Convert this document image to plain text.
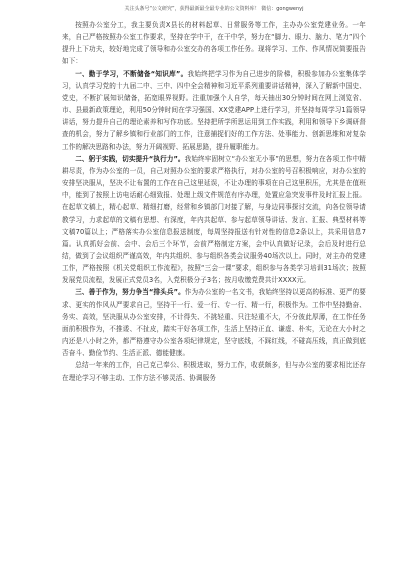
关注头条号“公文研究”，获得最新最全最专业的公文资料库！ 微信：gongwenyj

按照办公室分工，我主要负责X县长的材料起草、日常服务等工作，主办办公室党建业务。一年来，自己严格按照办公室工作要求，坚持在学中干，在干中学，努力在“脚力、眼力、脑力、笔力”四个提升上下功夫，较好地完成了领导和办公室交办的各项工作任务。现将学习、工作、作风情况简要报告如下：

一、勤于学习，不断储备“知识库”。我始终把学习作为自己进步的阶梯，积极参加办公室集体学习，认真学习党的十九届二中、三中、四中全会精神和习近平系列重要讲话精神，深入了解新中国史、党史，不断扩展知识储备，拓宽眼界视野。注重加强个人自学，每天抽出30分钟时间在网上浏览省、市、县最新政策理论，利用50分钟时间在学习强国、XX党建APP上进行学习，并坚持每周学习1篇领导讲话，努力提升自己的理论素养和写作功底。坚持把所学所思运用到工作实践，利用和领导下乡调研督查的机会，努力了解乡镇和行业部门的工作，注意捕捉们好的工作方法、处事能力、创新思维和对复杂工作的解决思路和办法，努力开阔视野、拓展思路，提升履职能力。

二、躬于实践，切实提升“执行力”。我始终牢固树立“办公室无小事”的思想，努力在各项工作中精耕尽责，作为办公室的一员，自己对照办公室的要求严格执行，对办公室的号召积极响应，对办公室的安排坚决服从，坚决不让布置的工作在自己这里延误，不让办理的事项在自己这里积压，尤其是在值班中，能到了按照上访电话耐心细致报、处理上级文件规范有序办理，处置应急突发事件及时汇报上报。在起草文稿上，精心起草、精细打磨，经常和乡镇部门对接了解，与身边同事探讨交流，向各位领导请教学习，力求起草的文稿有思想、有深度，年内共起草、参与起草领导讲话、发言、汇报、典型材料等文稿70篇以上；严格落实办公室信息报送制度，每周坚持报送有针对性的信息2条以上，共采用信息7篇。认真抓好会前、会中、会后三个环节，会前严格制定方案，会中认真做好记录，会后及时进行总结，做到了会议组织严谨高效，年内共组织、参与组织各类会议服务40场次以上。同时，对主办的党建工作，严格按照《机关党组织工作流程》，按照“三会一课”要求，组织参与各类学习培训31场次；按照发展党员流程，发展正式党员3名，入党积极分子3名；按月收缴党费共计XXXX元。

三、善于作为，努力争当“排头兵”。作为办公室的一名文书，我始终坚持以更高的标准、更严的要求、更实的作风从严要求自己，坚持干一行、爱一行、专一行、精一行，积极作为。工作中坚持勤奋、务实、高效，坚决服从办公室安排，不计得失、不挑轻重、只注轻重不大，不分彼此厚薄，在工作任务面前积极作为，不推诿、不扯皮，踏实干好各项工作，生活上坚持正直、谦虚、朴实，无论在大小时之内还是八小时之外，都严格遵守办公室各项纪律规定，坚守底线，不踩红线，不碰高压线，真正做到底否奋斗、勤俭节约、生活正派、德能健康。

总结一年来的工作，自己克己奉公、积极进取，努力工作，收获颇多，但与办公室的要求相比还存在理论学习不够主动、工作方法不够灵活、协调服务
